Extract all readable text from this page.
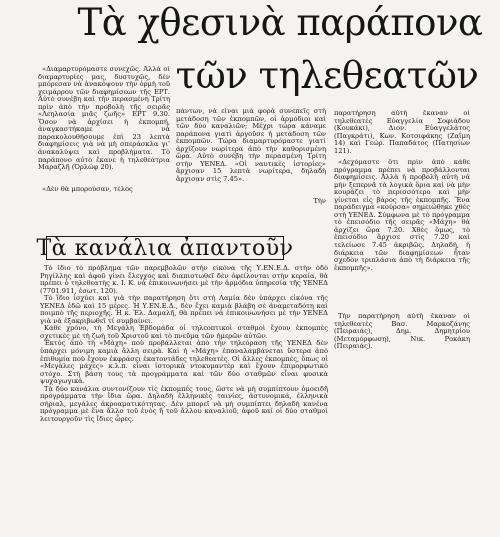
Τὰ χθεσινὰ παράπονα
τῶν τηλεθεατῶν

«Διαμαρτυρόμαστε συνεχῶς. Ἀλλὰ οἱ διαμαρτυρίες μας, δυστυχῶς, δὲν μπόρεσαν νὰ ἀνακόψουν τὴν ὁρμὴ τοῦ χειμάρρου τῶν διαφημίσεων τῆς ΕΡΤ. Αὐτὸ συνέβη καὶ τὴν περασμένη Τρίτη πρὶν ἀπὸ τὴν προβολὴ τῆς σειρᾶς «Λεηλασία μιᾶς ζωῆς» ΕΡΤ 9.30. Ὅσον νὰ ἀρχίσει ἡ ἐκπομπή, ἀναγκαστήκαμε νὰ παρακολουθήσουμε ἐπὶ 23 λεπτὰ διαφημίσεις γιὰ νὰ μὴ σπεράσκλα γι' ἀνακαλύψει καὶ προβλήματα. Τὸ παράπονο αὐτὸ ἔκανε ἡ τηλεθεάτρια Μαραζλῆ (Ὀρλώφ 20).

«Δὲν θὰ μπορούσαν, τέλος

πάντων, νὰ εἶναι μιὰ φορὰ συνεπεῖς στὴ μετάδοση τῶν ἐκπομπῶν, οἱ ἁρμόδιοι καὶ τῶν δύο καναλιῶν; Μέχρι τώρα κάναμε παράπονα γιατὶ ἀργοῦσε ἡ μετάδοση τῶν ἐκπομπῶν. Τώρα διαμαρτυρόμαστε γιατὶ ἀρχίζουν νωρίτερα ἀπὸ τὴν καθορισμένη ὥρα. Αὐτὸ συνέβη τὴν περασμένη Τρίτη στὴν ΥΕΝΕΔ. «Οἱ ναυτικὲς ἱστορίες» ἄρχισαν 15 λεπτὰ νωρίτερα, δηλαδὴ ἄρχισαν στὶς 7.45».

Τὴν

παρατήρηση αὐτὴ ἔκαναν οἱ τηλεθεατὲς Εὐαγγελία Σοφιάδου (Κουκάκι), Διον. Εὐαγγελάτος (Παγκράτι), Κων. Κοτσιφάκης (Ζαΐμη 14) καὶ Γεώρ. Παπαδάτος (Πατησίων 121).

«Δεχόμαστε ὅτι πρὶν ἀπὸ κάθε πρόγραμμα πρέπει νὰ προβάλλονται διαφημίσεις. Ἀλλὰ ἡ προβολὴ αὐτὴ νὰ μὴν ξεπερνᾶ τὰ λογικὰ ὅρια καὶ νὰ μὴν κουράζει τὸ περισσότερο καὶ μὴν γίνεται εἰς βάρος τῆς ἐκπομπῆς. Ἕνα παράδειγμα «κούρσα» σημειώθηκε χθὲς στὴ ΥΕΝΕΔ. Σύμφωνα μὲ τὸ πρόγραμμα τὸ ἐπεισόδιο τῆς σειρᾶς «Μάχη» θὰ ἀρχίζει ὥρα 7.20. Χθὲς ὅμως, τὸ ἐπεισόδιο ἄρχισε στὶς 7.20 καὶ τελείωσε 7.45 ἀκριβῶς. Δηλαδή, ἡ διάρκεια τῶν διαφημίσεων ἦταν σχεδὸν τριπλάσια ἀπὸ τὴ διάρκεια τῆς ἐκπομπῆς».

Τὴν παρατήρηση αὐτὴ ἔκαναν οἱ τηλεθεατὲς Βασ. Μαρκοζάνης (Πειραιάς), Δημ. Δημητρίου (Μεταμόρφωση), Νικ. Ροκάκη (Πειραιάς).

Τὰ κανάλια ἀπαντοῦν

Τὸ ἴδιο τὸ πρόβλημα τῶν παρεμβολῶν στὴν εἰκόνα τῆς Υ.ΕΝ.Ε.Δ. στὴν ὁδὸ Ρηγίλλης καὶ ἀφοῦ γίνει ἔλεγχος καὶ διαπιστωθεῖ δὲν ὀφείλονται στὴν κεραία, θὰ πρέπει ὁ τηλεθεατὴς κ. Ι. Κ. νὰ ἐπικοινωνήσει μὲ τὴν ἁρμόδια ὑπηρεσία τῆς ΥΕΝΕΔ (7701.911, ἐσωτ. 120).

Τὸ ἴδιο ἰσχύει καὶ γιὰ τὴν παρατήρηση ὅτι στὴ Λαμία δὲν ὑπάρχει εἰκόνα τῆς ΥΕΝΕΔ ἐδῶ καὶ 15 μέρες. Ἡ Υ.ΕΝ.Ε.Δ., δὲν ἔχει καμιὰ βλάβη σὲ ἀναμεταδότη καὶ ποιμπὸ τῆς περιοχῆς. Ἡ κ. Ἐλ. Δαμαλῆ, θὰ πρέπει νὰ ἐπικοινωνήσει μὲ τὴν ΥΕΝΕΔ γιὰ νὰ ἐξακριβωθεῖ τί συμβαίνει.

Κάθε χρόνο, τὴ Μεγάλη Ἑβδομάδα οἱ τηλεοπτικοὶ σταθμοὶ ἔχουν ἐκπομπὲς σχετικὲς μὲ τὴ ζωὴ τοῦ Χριστοῦ καὶ τὸ πνεῦμα τῶν ἡμερῶν αὐτῶν.

Ἐκτὸς ἀπὸ τὴ «Μάχη» ποὺ προβάλλεται ἀπὸ τὴν τηλεόραση τῆς ΥΕΝΕΔ δὲν ὑπάρχει μόνιμη καμιὰ ἄλλη σειρὰ. Καὶ ἡ «Μάχη» ἐπαναλαμβάνεται ὕστερα ἀπὸ ἐπιθυμία ποὺ ἔχουν ἐκφράσει ἑκατοντάδες τηλεθεατὲς. Οἱ ἄλλες ἐκπομπές, ὅπως οἱ «Μεγάλες μάχες» κ.λ.π. εἶναι ἱστορικὰ ντοκυμαντὲρ καὶ ἔχουν ἐπιμορφωτικὸ στόχο. Στὴ βάση τους τὰ προγράμματα καὶ τῶν δύο σταθμῶν εἶναι φυσικὰ ψυχαγωγικά.

Τὰ δύο κανάλια συντονίζουν τὶς ἐκπομπές τους, ὥστε νὰ μὴ συμπίπτουν ὁμοειδῆ προγράμματα τὴν ἴδια ὥρα. Δηλαδὴ ἑλληνικὲς ταινίες, ἀστυνομικά, ἑλληνικὰ σήριαλ, μεγάλες ἀκροαματικότητας. Δὲν μπορεῖ νὰ μὴ συμπίπτει δηλαδὴ κανένα πρόγραμμα μὲ ἕνα ἄλλο τοῦ ἑνὸς ἢ τοῦ ἄλλου καναλιοῦ, ἀφοῦ καὶ οἱ δύο σταθμοὶ λειτουργοῦν τὶς ἴδιες ὧρες.
